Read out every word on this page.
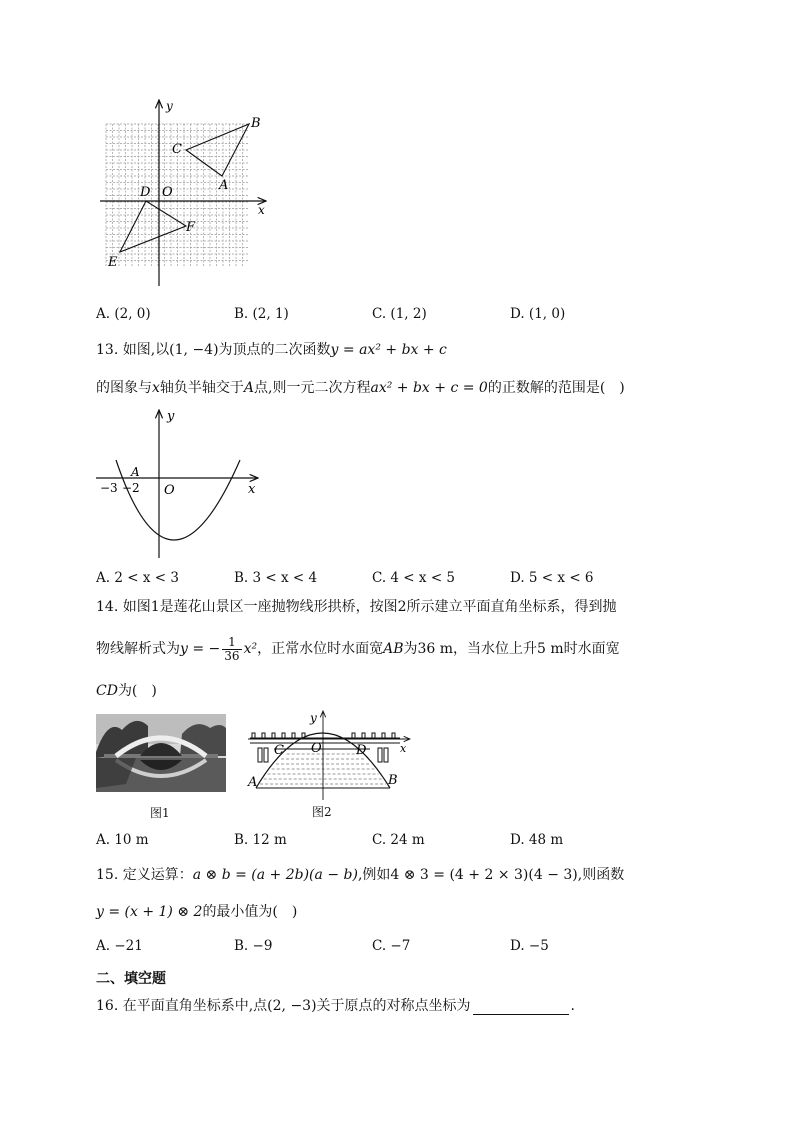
y
x
O
B
C
A
D
F
E
A. (2, 0)	B. (2, 1)	C. (1, 2)	D. (1, 0)
13. 如图,以(1, −4)为顶点的二次函数y = ax² + bx + c
的图象与x轴负半轴交于A点,则一元二次方程ax² + bx + c = 0的正数解的范围是(　)
y
x
O
A
−3 −2
A. 2 < x < 3	B. 3 < x < 4	C. 4 < x < 5	D. 5 < x < 6
14. 如图1是莲花山景区一座抛物线形拱桥，按图2所示建立平面直角坐标系，得到抛
物线解析式为y = − $\frac{1}{36} x^2$，正常水位时水面宽AB为36 m，当水位上升5 m时水面宽
CD为(　)
图1
y
x
O
C	D
A	B
图2
A. 10 m	B. 12 m	C. 24 m	D. 48 m
15. 定义运算：a ⊗ b = (a + 2b)(a − b),例如4 ⊗ 3 = (4 + 2 × 3)(4 − 3),则函数
y = (x + 1) ⊗ 2的最小值为(　)
A. −21	B. −9	C. −7	D. −5
二、填空题
16. 在平面直角坐标系中,点(2, −3)关于原点的对称点坐标为	.
